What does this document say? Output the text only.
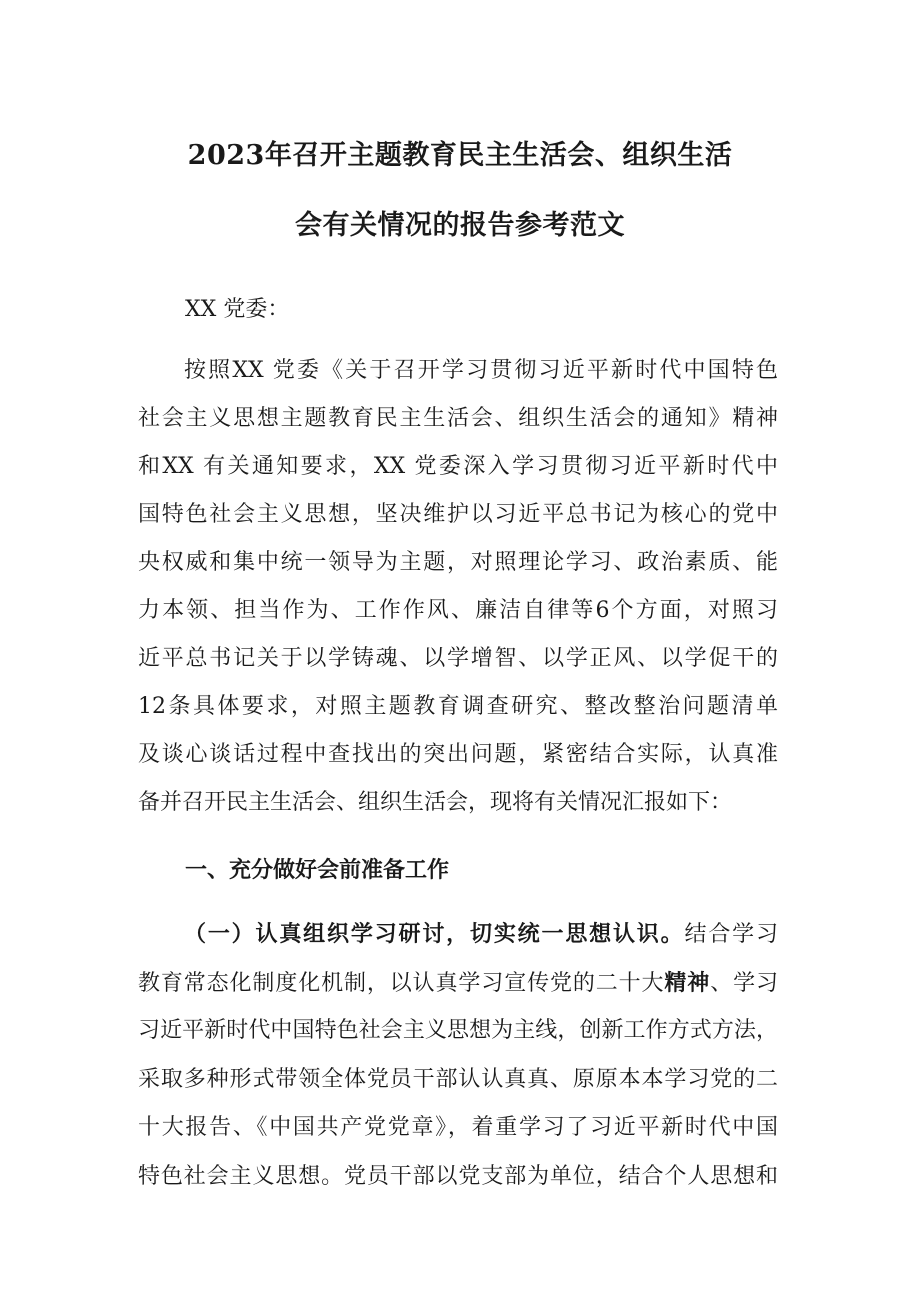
2023年召开主题教育民主生活会、组织生活
会有关情况的报告参考范文
XX 党委：
按照XX 党委《关于召开学习贯彻习近平新时代中国特色
社会主义思想主题教育民主生活会、组织生活会的通知》精神
和XX 有关通知要求，XX 党委深入学习贯彻习近平新时代中
国特色社会主义思想，坚决维护以习近平总书记为核心的党中
央权威和集中统一领导为主题，对照理论学习、政治素质、能
力本领、担当作为、工作作风、廉洁自律等6个方面，对照习
近平总书记关于以学铸魂、以学增智、以学正风、以学促干的
12条具体要求，对照主题教育调查研究、整改整治问题清单
及谈心谈话过程中查找出的突出问题，紧密结合实际，认真准
备并召开民主生活会、组织生活会，现将有关情况汇报如下：
一、充分做好会前准备工作
（一）认真组织学习研讨，切实统一思想认识。结合学习
教育常态化制度化机制，以认真学习宣传党的二十大精神、学习
习近平新时代中国特色社会主义思想为主线，创新工作方式方法，
采取多种形式带领全体党员干部认认真真、原原本本学习党的二
十大报告、《中国共产党党章》，着重学习了习近平新时代中国
特色社会主义思想。党员干部以党支部为单位，结合个人思想和
